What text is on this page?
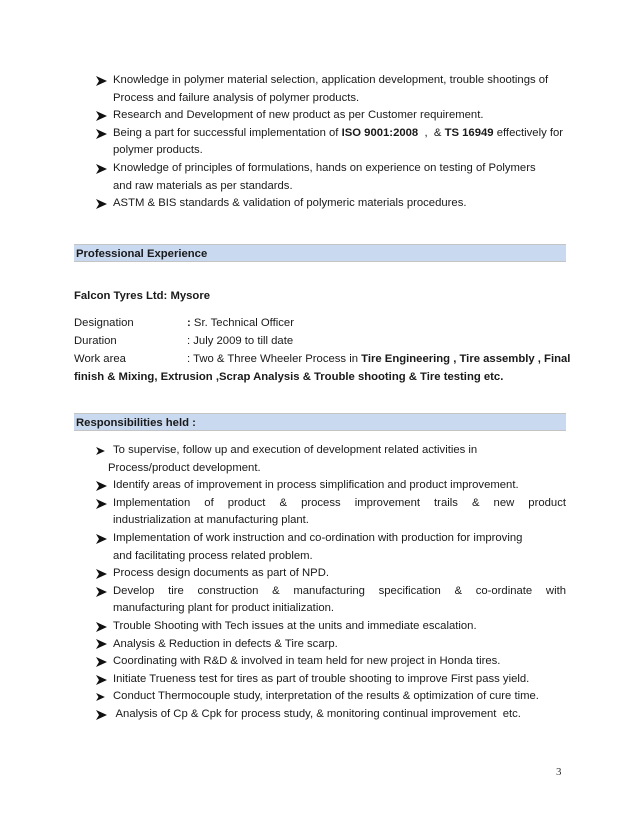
Knowledge in polymer material selection, application development, trouble shootings of
Process and failure analysis of polymer products.
Research and Development of new product as per Customer requirement.
Being a part for successful implementation of ISO 9001:2008  ,  & TS 16949 effectively for
polymer products.
Knowledge of principles of formulations, hands on experience on testing of Polymers
and raw materials as per standards.
ASTM & BIS standards & validation of polymeric materials procedures.
Professional Experience
Falcon Tyres Ltd: Mysore
Designation	: Sr. Technical Officer
Duration	: July 2009 to till date
Work area	: Two & Three Wheeler Process in Tire Engineering , Tire assembly , Final
finish & Mixing, Extrusion ,Scrap Analysis & Trouble shooting & Tire testing etc.
Responsibilities held :
To supervise, follow up and execution of development related activities in
Process/product development.
Identify areas of improvement in process simplification and product improvement.
Implementation  of  product  &  process  improvement  trails  &  new  product
industrialization at manufacturing plant.
Implementation of work instruction and co-ordination with production for improving
and facilitating process related problem.
Process design documents as part of NPD.
Develop  tire  construction  &  manufacturing  specification  &  co-ordinate  with
manufacturing plant for product initialization.
Trouble Shooting with Tech issues at the units and immediate escalation.
Analysis & Reduction in defects & Tire scarp.
Coordinating with R&D & involved in team held for new project in Honda tires.
Initiate Trueness test for tires as part of trouble shooting to improve First pass yield.
Conduct Thermocouple study, interpretation of the results & optimization of cure time.
Analysis of Cp & Cpk for process study, & monitoring continual improvement  etc.
3
